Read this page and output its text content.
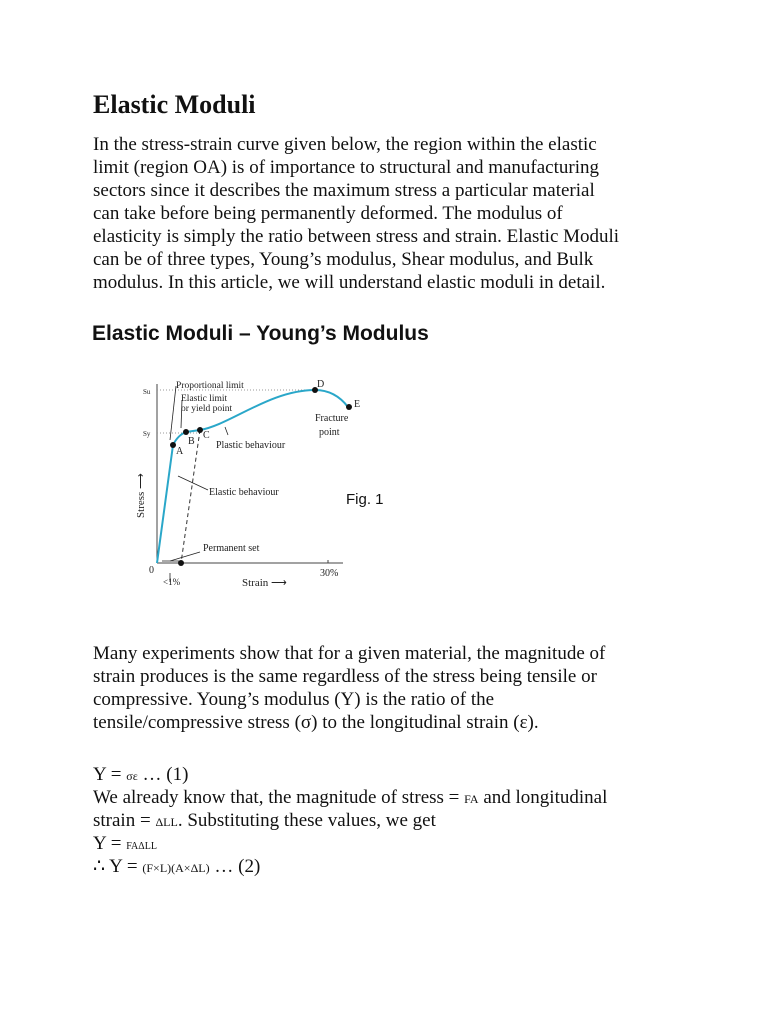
Elastic Moduli
In the stress-strain curve given below, the region within the elastic
limit (region OA) is of importance to structural and manufacturing
sectors since it describes the maximum stress a particular material
can take before being permanently deformed. The modulus of
elasticity is simply the ratio between stress and strain. Elastic Moduli
can be of three types, Young’s modulus, Shear modulus, and Bulk
modulus. In this article, we will understand elastic moduli in detail.
Elastic Moduli – Young’s Modulus
Su
Sy
0
<1%
30%
Strain ⟶
Stress ⟶
A
B
C
D
E
Proportional limit
Elastic limit
or yield point
Plastic behaviour
Elastic behaviour
Fracture
point
Permanent set
Fig. 1
Many experiments show that for a given material, the magnitude of
strain produces is the same regardless of the stress being tensile or
compressive. Young’s modulus (Y) is the ratio of the
tensile/compressive stress (σ) to the longitudinal strain (ε).
Y = σε … (1)
We already know that, the magnitude of stress = FA and longitudinal
strain = ΔLL. Substituting these values, we get
Y = FAΔLL
∴ Y = (F×L)(A×ΔL) … (2)
